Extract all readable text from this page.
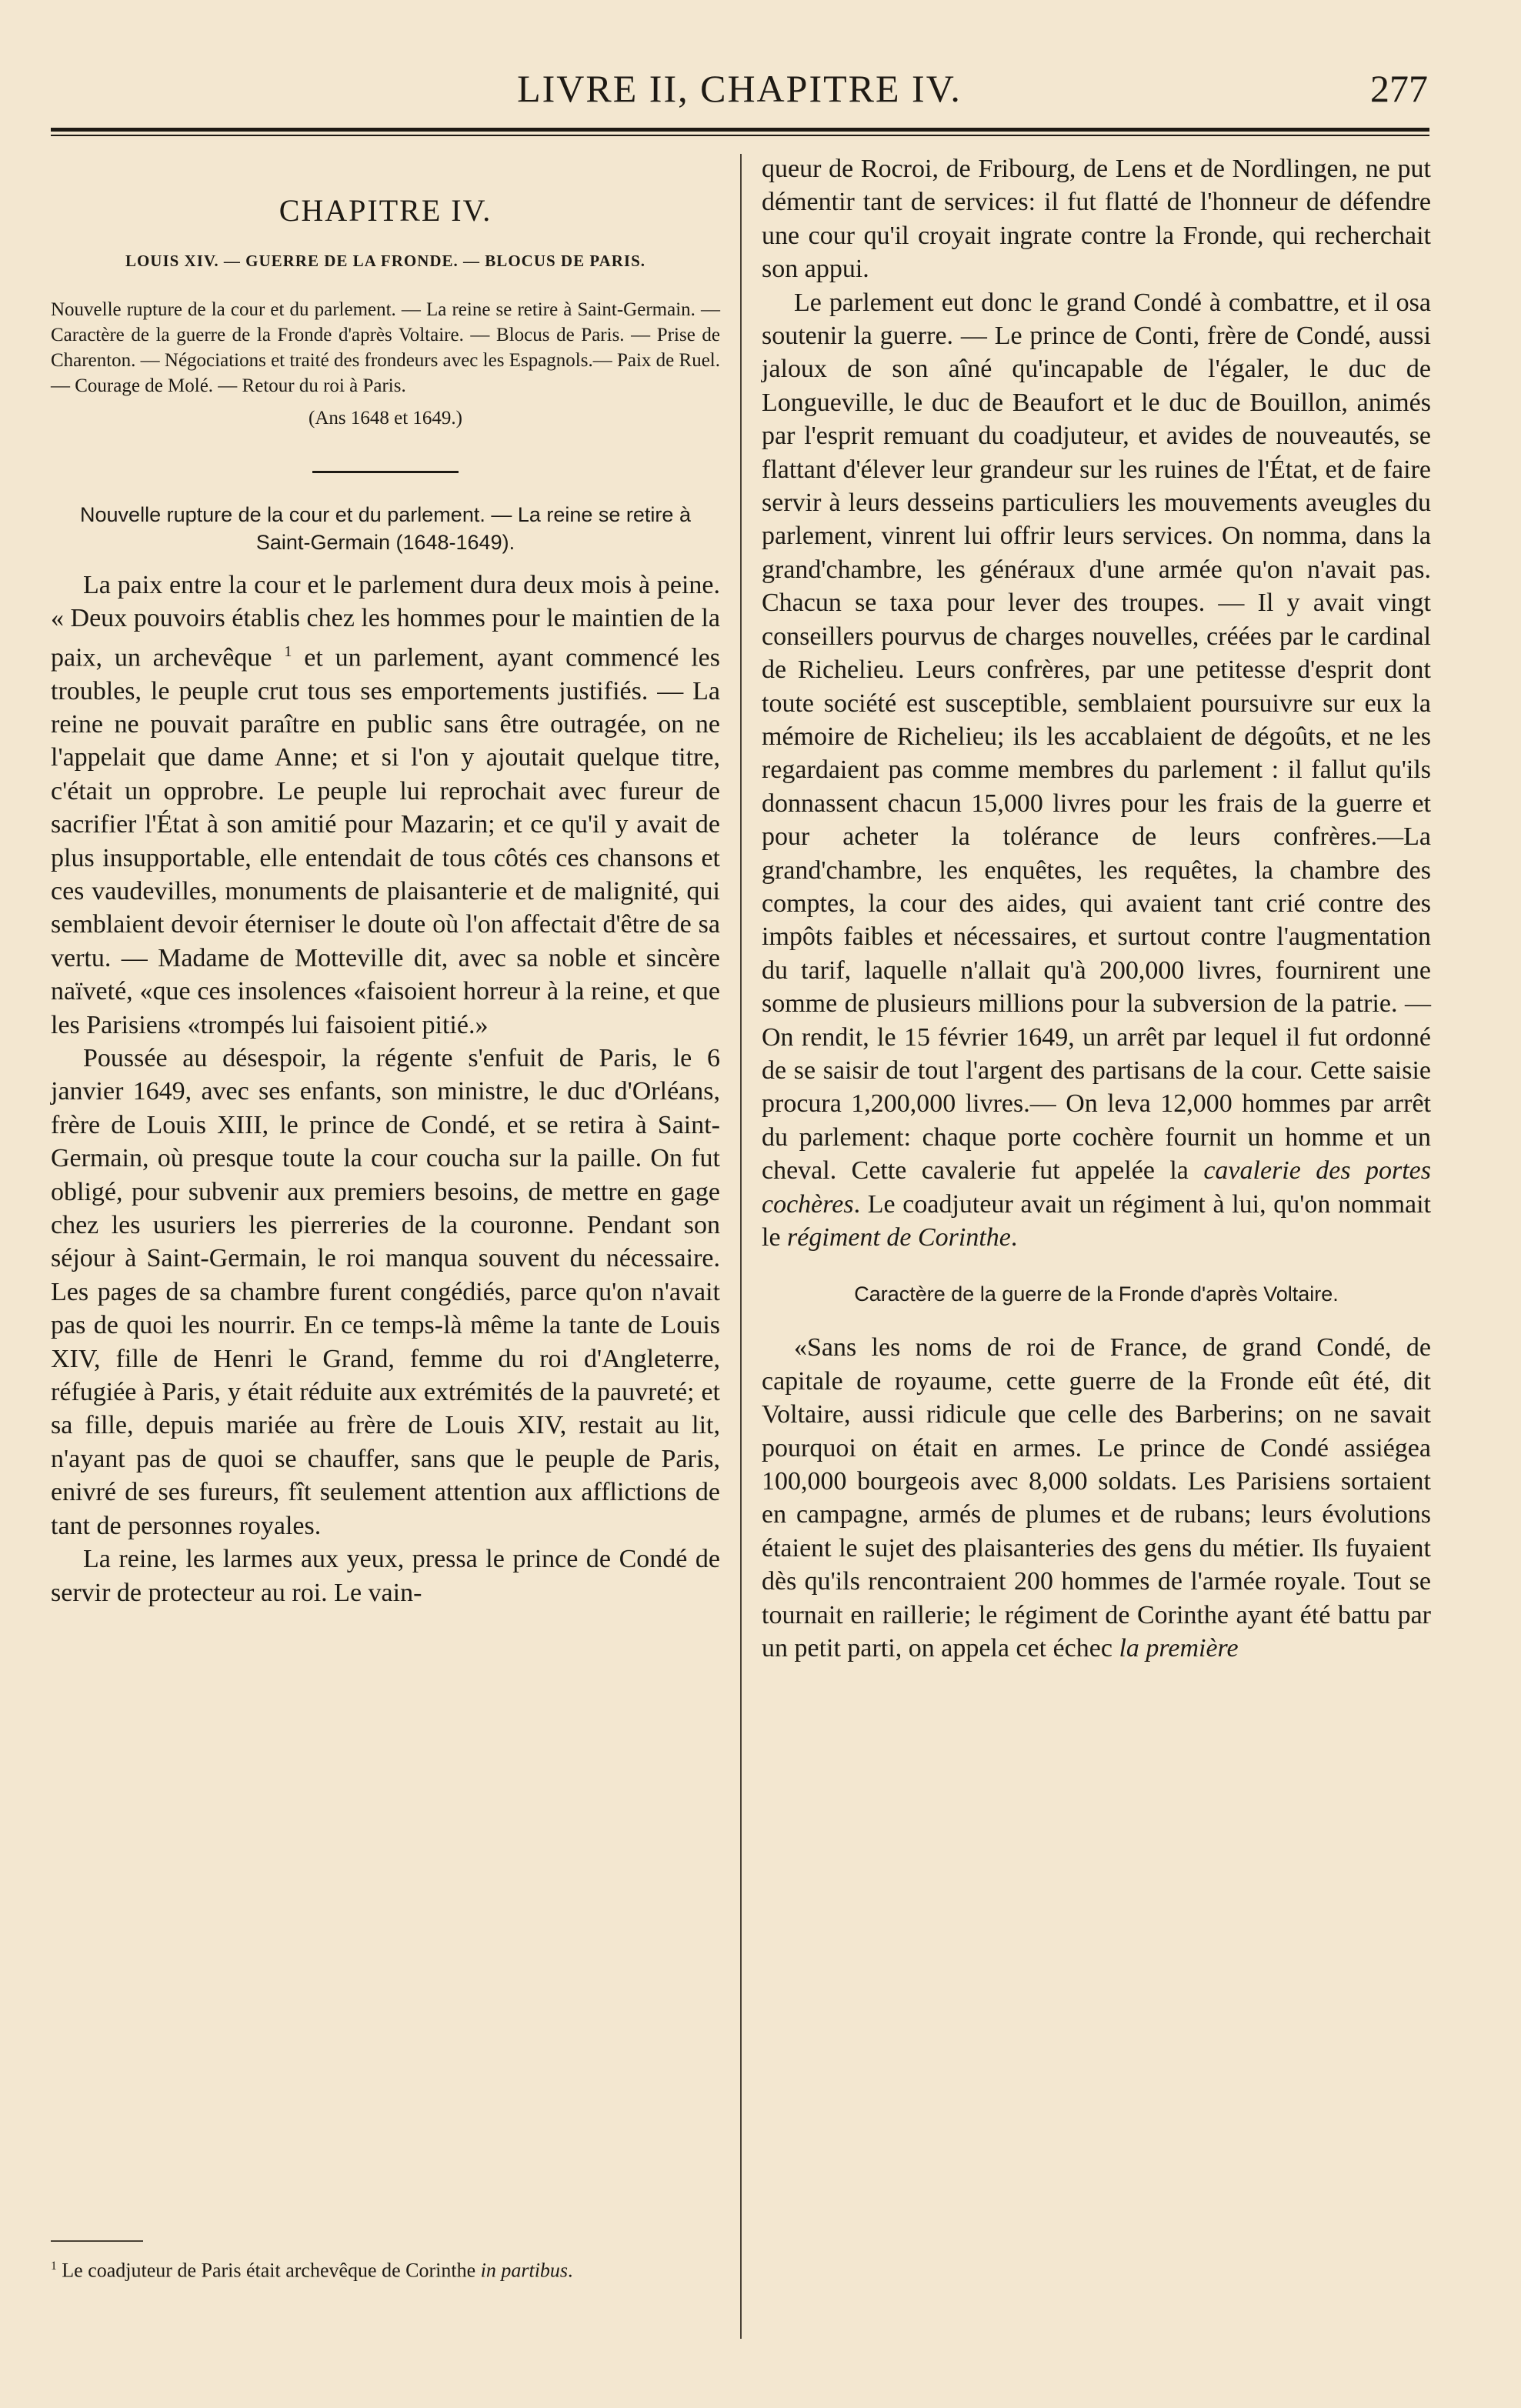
LIVRE II, CHAPITRE IV.	277
CHAPITRE IV.
LOUIS XIV. — GUERRE DE LA FRONDE. — BLOCUS DE PARIS.

Nouvelle rupture de la cour et du parlement. — La reine se retire à Saint-Germain. — Caractère de la guerre de la Fronde d'après Voltaire. — Blocus de Paris. — Prise de Charenton. — Négociations et traité des frondeurs avec les Espagnols.— Paix de Ruel. — Courage de Molé. — Retour du roi à Paris.

(Ans 1648 et 1649.)
Nouvelle rupture de la cour et du parlement. — La reine se retire à Saint-Germain (1648-1649).

La paix entre la cour et le parlement dura deux mois à peine. « Deux pouvoirs établis chez les hommes pour le maintien de la paix, un archevêque $^1$ et un parlement, ayant commencé les troubles, le peuple crut tous ses emportements justifiés. — La reine ne pouvait paraître en public sans être outragée, on ne l'appelait que dame Anne; et si l'on y ajoutait quelque titre, c'était un opprobre. Le peuple lui reprochait avec fureur de sacrifier l'État à son amitié pour Mazarin; et ce qu'il y avait de plus insupportable, elle entendait de tous côtés ces chansons et ces vaudevilles, monuments de plaisanterie et de malignité, qui semblaient devoir éterniser le doute où l'on affectait d'être de sa vertu. — Madame de Motteville dit, avec sa noble et sincère naïveté, «que ces insolences «faisoient horreur à la reine, et que les Parisiens «trompés lui faisoient pitié.»

Poussée au désespoir, la régente s'enfuit de Paris, le 6 janvier 1649, avec ses enfants, son ministre, le duc d'Orléans, frère de Louis XIII, le prince de Condé, et se retira à Saint-Germain, où presque toute la cour coucha sur la paille. On fut obligé, pour subvenir aux premiers besoins, de mettre en gage chez les usuriers les pierreries de la couronne. Pendant son séjour à Saint-Germain, le roi manqua souvent du nécessaire. Les pages de sa chambre furent congédiés, parce qu'on n'avait pas de quoi les nourrir. En ce temps-là même la tante de Louis XIV, fille de Henri le Grand, femme du roi d'Angleterre, réfugiée à Paris, y était réduite aux extrémités de la pauvreté; et sa fille, depuis mariée au frère de Louis XIV, restait au lit, n'ayant pas de quoi se chauffer, sans que le peuple de Paris, enivré de ses fureurs, fît seulement attention aux afflictions de tant de personnes royales.

La reine, les larmes aux yeux, pressa le prince de Condé de servir de protecteur au roi. Le vain-

$^1$ Le coadjuteur de Paris était archevêque de Corinthe in partibus.

queur de Rocroi, de Fribourg, de Lens et de Nordlingen, ne put démentir tant de services: il fut flatté de l'honneur de défendre une cour qu'il croyait ingrate contre la Fronde, qui recherchait son appui.

Le parlement eut donc le grand Condé à combattre, et il osa soutenir la guerre. — Le prince de Conti, frère de Condé, aussi jaloux de son aîné qu'incapable de l'égaler, le duc de Longueville, le duc de Beaufort et le duc de Bouillon, animés par l'esprit remuant du coadjuteur, et avides de nouveautés, se flattant d'élever leur grandeur sur les ruines de l'État, et de faire servir à leurs desseins particuliers les mouvements aveugles du parlement, vinrent lui offrir leurs services. On nomma, dans la grand'chambre, les généraux d'une armée qu'on n'avait pas. Chacun se taxa pour lever des troupes. — Il y avait vingt conseillers pourvus de charges nouvelles, créées par le cardinal de Richelieu. Leurs confrères, par une petitesse d'esprit dont toute société est susceptible, semblaient poursuivre sur eux la mémoire de Richelieu; ils les accablaient de dégoûts, et ne les regardaient pas comme membres du parlement : il fallut qu'ils donnassent chacun 15,000 livres pour les frais de la guerre et pour acheter la tolérance de leurs confrères.—La grand'chambre, les enquêtes, les requêtes, la chambre des comptes, la cour des aides, qui avaient tant crié contre des impôts faibles et nécessaires, et surtout contre l'augmentation du tarif, laquelle n'allait qu'à 200,000 livres, fournirent une somme de plusieurs millions pour la subversion de la patrie. — On rendit, le 15 février 1649, un arrêt par lequel il fut ordonné de se saisir de tout l'argent des partisans de la cour. Cette saisie procura 1,200,000 livres.— On leva 12,000 hommes par arrêt du parlement: chaque porte cochère fournit un homme et un cheval. Cette cavalerie fut appelée la cavalerie des portes cochères. Le coadjuteur avait un régiment à lui, qu'on nommait le régiment de Corinthe.

Caractère de la guerre de la Fronde d'après Voltaire.

«Sans les noms de roi de France, de grand Condé, de capitale de royaume, cette guerre de la Fronde eût été, dit Voltaire, aussi ridicule que celle des Barberins; on ne savait pourquoi on était en armes. Le prince de Condé assiégea 100,000 bourgeois avec 8,000 soldats. Les Parisiens sortaient en campagne, armés de plumes et de rubans; leurs évolutions étaient le sujet des plaisanteries des gens du métier. Ils fuyaient dès qu'ils rencontraient 200 hommes de l'armée royale. Tout se tournait en raillerie; le régiment de Corinthe ayant été battu par un petit parti, on appela cet échec la première
